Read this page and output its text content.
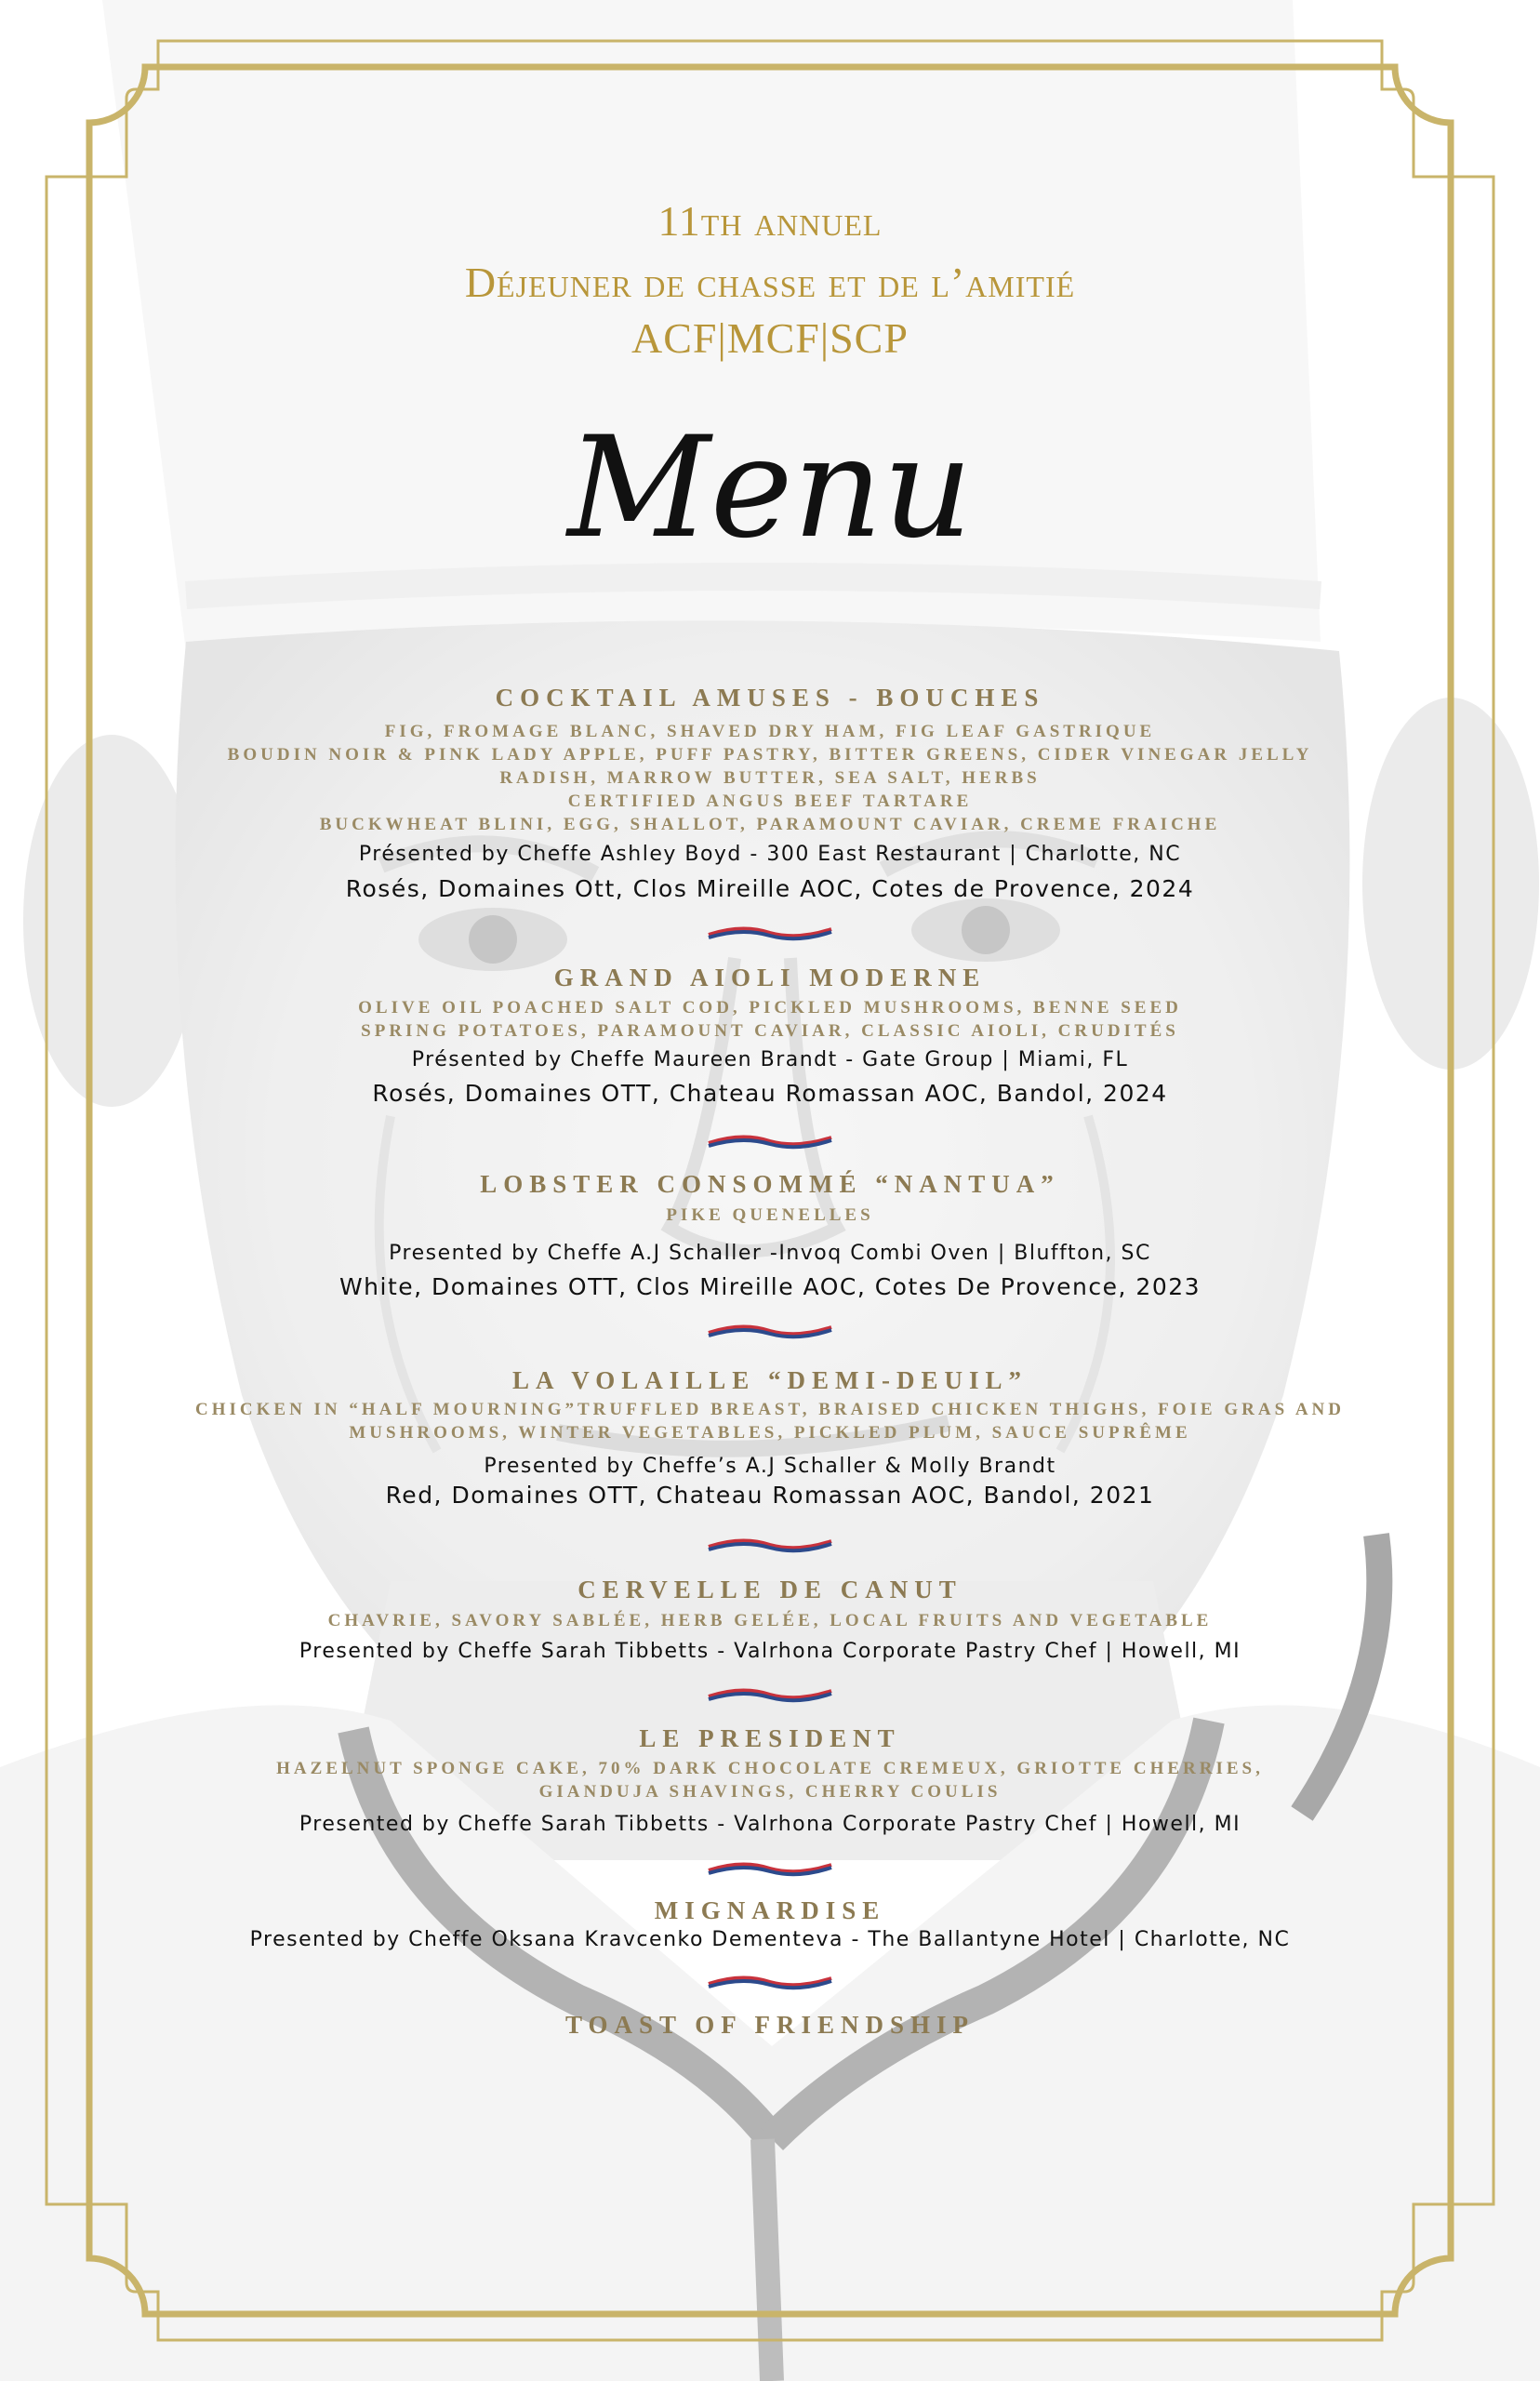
11th annuel
Déjeuner de chasse et de l’amitié
ACF|MCF|SCP
Menu
COCKTAIL AMUSES - BOUCHES
FIG, FROMAGE BLANC, SHAVED DRY HAM, FIG LEAF GASTRIQUE
BOUDIN NOIR & PINK LADY APPLE, PUFF PASTRY, BITTER GREENS, CIDER VINEGAR JELLY
RADISH, MARROW BUTTER, SEA SALT, HERBS
CERTIFIED ANGUS BEEF TARTARE
BUCKWHEAT BLINI, EGG, SHALLOT, PARAMOUNT CAVIAR, CREME FRAICHE
Présented by Cheffe Ashley Boyd - 300 East Restaurant | Charlotte, NC
Rosés, Domaines Ott, Clos Mireille AOC, Cotes de Provence, 2024
GRAND AIOLI MODERNE
OLIVE OIL POACHED SALT COD, PICKLED MUSHROOMS, BENNE SEED
SPRING POTATOES, PARAMOUNT CAVIAR, CLASSIC AIOLI, CRUDITÉS
Présented by Cheffe Maureen Brandt - Gate Group | Miami, FL
Rosés, Domaines OTT, Chateau Romassan AOC, Bandol, 2024
LOBSTER CONSOMMÉ “NANTUA”
PIKE QUENELLES
Presented by Cheffe A.J Schaller -Invoq Combi Oven | Bluffton, SC
White, Domaines OTT, Clos Mireille AOC, Cotes De Provence, 2023
LA VOLAILLE “DEMI-DEUIL”
CHICKEN IN “HALF MOURNING”TRUFFLED BREAST, BRAISED CHICKEN THIGHS, FOIE GRAS AND
MUSHROOMS, WINTER VEGETABLES, PICKLED PLUM, SAUCE SUPRÊME
Presented by Cheffe’s A.J Schaller & Molly Brandt
Red, Domaines OTT, Chateau Romassan AOC, Bandol, 2021
CERVELLE DE CANUT
CHAVRIE, SAVORY SABLÉE, HERB GELÉE, LOCAL FRUITS AND VEGETABLE
Presented by Cheffe Sarah Tibbetts - Valrhona Corporate Pastry Chef | Howell, MI
LE PRESIDENT
HAZELNUT SPONGE CAKE, 70% DARK CHOCOLATE CREMEUX, GRIOTTE CHERRIES,
GIANDUJA SHAVINGS, CHERRY COULIS
Presented by Cheffe Sarah Tibbetts - Valrhona Corporate Pastry Chef | Howell, MI
MIGNARDISE
Presented by Cheffe Oksana Kravcenko Dementeva - The Ballantyne Hotel | Charlotte, NC
TOAST OF FRIENDSHIP
